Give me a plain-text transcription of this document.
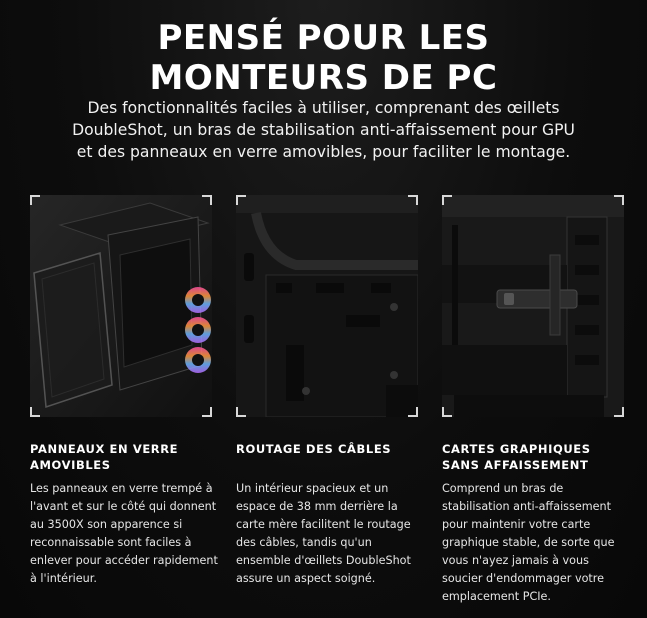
PENSÉ POUR LES
MONTEURS DE PC
Des fonctionnalités faciles à utiliser, comprenant des œillets
DoubleShot, un bras de stabilisation anti-affaissement pour GPU
et des panneaux en verre amovibles, pour faciliter le montage.
PANNEAUX EN VERRE
AMOVIBLES
Les panneaux en verre trempé à
l'avant et sur le côté qui donnent
au 3500X son apparence si
reconnaissable sont faciles à
enlever pour accéder rapidement
à l'intérieur.
ROUTAGE DES CÂBLES
Un intérieur spacieux et un
espace de 38 mm derrière la
carte mère facilitent le routage
des câbles, tandis qu'un
ensemble d'œillets DoubleShot
assure un aspect soigné.
CARTES GRAPHIQUES
SANS AFFAISSEMENT
Comprend un bras de
stabilisation anti-affaissement
pour maintenir votre carte
graphique stable, de sorte que
vous n'ayez jamais à vous
soucier d'endommager votre
emplacement PCIe.
